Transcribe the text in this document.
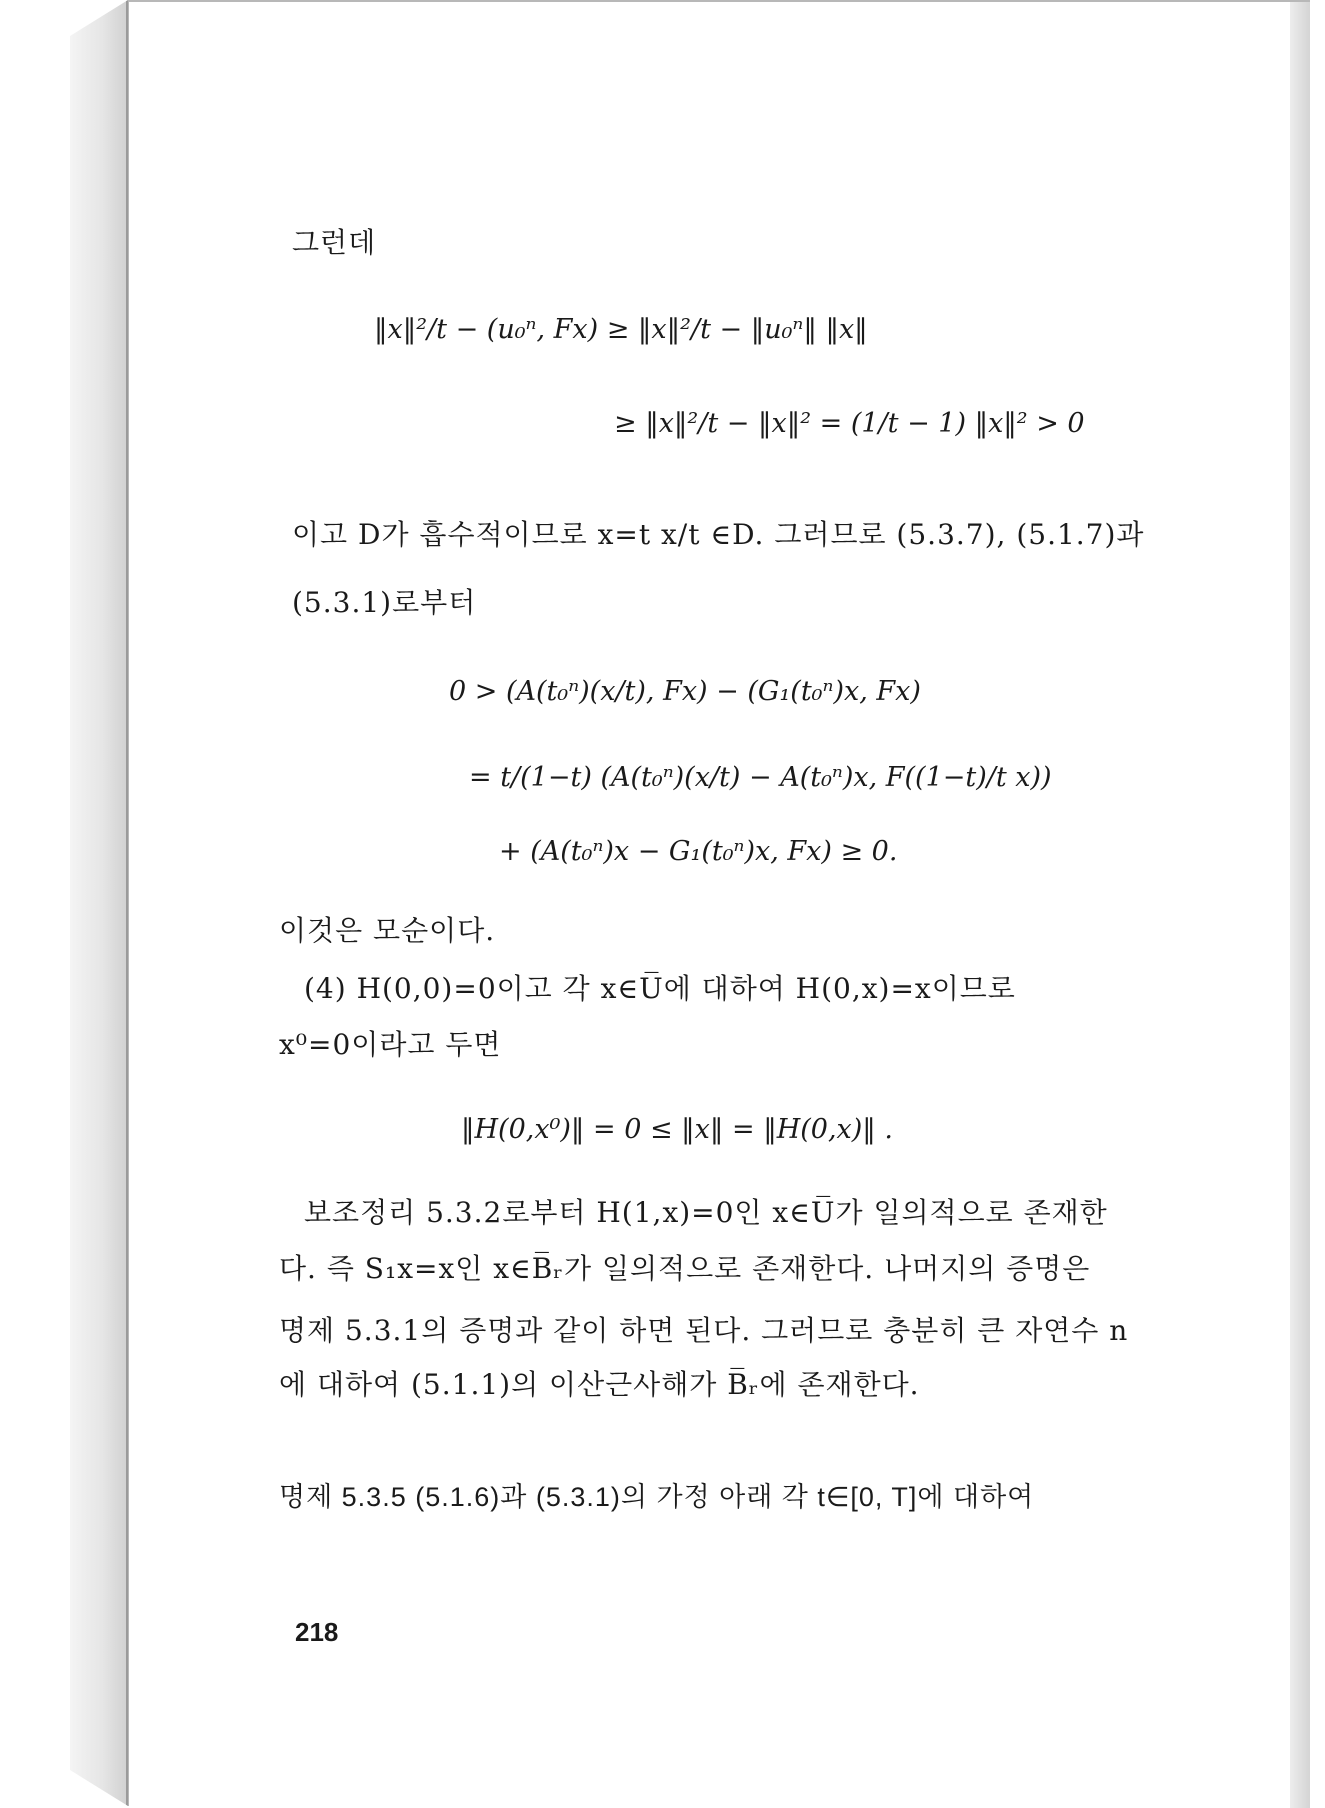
그런데
‖x‖²/t − (u₀ⁿ, Fx) ≥ ‖x‖²/t − ‖u₀ⁿ‖ ‖x‖
≥ ‖x‖²/t − ‖x‖² = (1/t − 1) ‖x‖² > 0
이고 D가 흡수적이므로 x=t x/t ∈D. 그러므로 (5.3.7), (5.1.7)과
(5.3.1)로부터
0 > (A(t₀ⁿ)(x/t), Fx) − (G₁(t₀ⁿ)x, Fx)
= t/(1−t) (A(t₀ⁿ)(x/t) − A(t₀ⁿ)x, F((1−t)/t x))
+ (A(t₀ⁿ)x − G₁(t₀ⁿ)x, Fx) ≥ 0.
이것은 모순이다.
(4) H(0,0)=0이고 각 x∈U̅에 대하여 H(0,x)=x이므로
x⁰=0이라고 두면
‖H(0,x⁰)‖ = 0 ≤ ‖x‖ = ‖H(0,x)‖ .
보조정리 5.3.2로부터 H(1,x)=0인 x∈U̅가 일의적으로 존재한
다. 즉 S₁x=x인 x∈B̅ᵣ가 일의적으로 존재한다. 나머지의 증명은
명제 5.3.1의 증명과 같이 하면 된다. 그러므로 충분히 큰 자연수 n
에 대하여 (5.1.1)의 이산근사해가 B̅ᵣ에 존재한다.
명제 5.3.5 (5.1.6)과 (5.3.1)의 가정 아래 각 t∈[0, T]에 대하여
218
